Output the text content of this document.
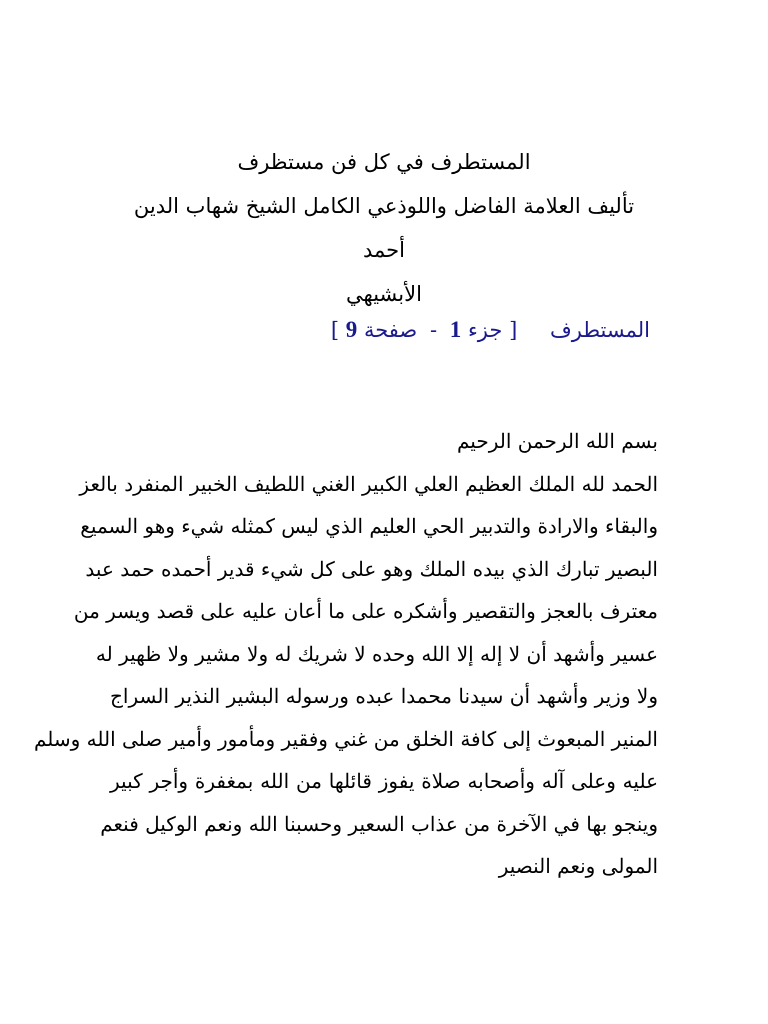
المستطرف في كل فن مستظرف
تأليف العلامة الفاضل واللوذعي الكامل الشيخ شهاب الدين أحمد
الأبشيهي
المستطرف [ جزء 1 - صفحة 9 ]
بسم الله الرحمن الرحيم
الحمد لله الملك العظيم العلي الكبير الغني اللطيف الخبير المنفرد بالعز
والبقاء والارادة والتدبير الحي العليم الذي ليس كمثله شيء وهو السميع
البصير تبارك الذي بيده الملك وهو على كل شيء قدير أحمده حمد عبد
معترف بالعجز والتقصير وأشكره على ما أعان عليه على قصد ويسر من
عسير وأشهد أن لا إله إلا الله وحده لا شريك له ولا مشير ولا ظهير له
ولا وزير وأشهد أن سيدنا محمدا عبده ورسوله البشير النذير السراج
المنير المبعوث إلى كافة الخلق من غني وفقير ومأمور وأمير صلى الله وسلم
عليه وعلى آله وأصحابه صلاة يفوز قائلها من الله بمغفرة وأجر كبير
وينجو بها في الآخرة من عذاب السعير وحسبنا الله ونعم الوكيل فنعم
المولى ونعم النصير
